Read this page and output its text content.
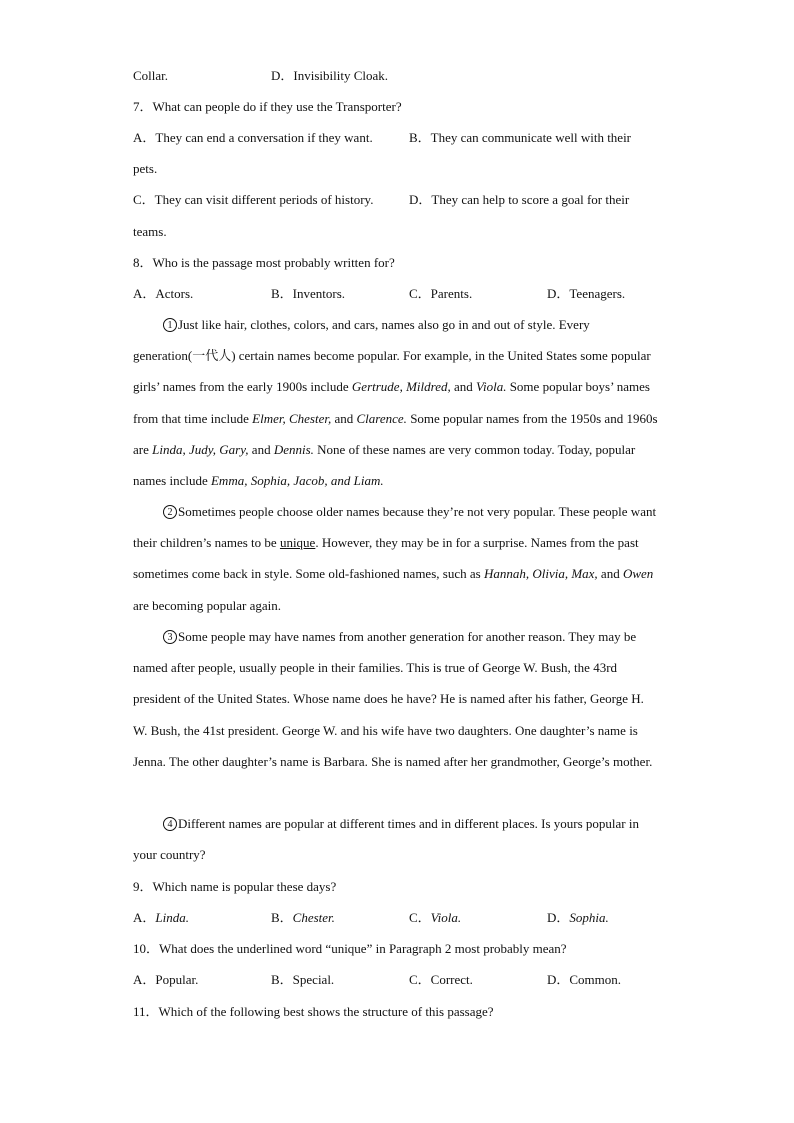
Collar.	D．Invisibility Cloak.
7．What can people do if they use the Transporter?
A．They can end a conversation if they want.	B．They can communicate well with their
pets.
C．They can visit different periods of history.	D．They can help to score a goal for their
teams.
8．Who is the passage most probably written for?
A．Actors.	B．Inventors.	C．Parents.	D．Teenagers.

1 Just like hair, clothes, colors, and cars, names also go in and out of style. Every generation(一代人) certain names become popular. For example, in the United States some popular girls’ names from the early 1900s include Gertrude, Mildred, and Viola. Some popular boys’ names from that time include Elmer, Chester, and Clarence. Some popular names from the 1950s and 1960s are Linda, Judy, Gary, and Dennis. None of these names are very common today. Today, popular names include Emma, Sophia, Jacob, and Liam.

2 Sometimes people choose older names because they’re not very popular. These people want their children’s names to be unique. However, they may be in for a surprise. Names from the past sometimes come back in style. Some old-fashioned names, such as Hannah, Olivia, Max, and Owen are becoming popular again.

3 Some people may have names from another generation for another reason. They may be named after people, usually people in their families. This is true of George W. Bush, the 43rd president of the United States. Whose name does he have? He is named after his father, George H. W. Bush, the 41st president. George W. and his wife have two daughters. One daughter’s name is Jenna. The other daughter’s name is Barbara. She is named after her grandmother, George’s mother.

4 Different names are popular at different times and in different places. Is yours popular in your country?

9．Which name is popular these days?
A．Linda.	B．Chester.	C．Viola.	D．Sophia.
10．What does the underlined word “unique” in Paragraph 2 most probably mean?
A．Popular.	B．Special.	C．Correct.	D．Common.
11．Which of the following best shows the structure of this passage?
